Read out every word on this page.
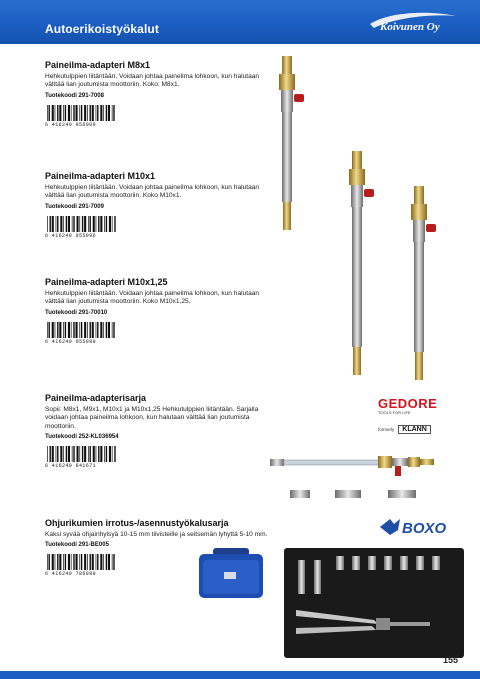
Autoerikoistyökalut	Koivunen Oy
Paineilma-adapteri M8x1

Hehkutulppien liitäntään. Voidaan johtaa paineilma lohkoon, kun halutaan välttää lian joutumista moottoriin. Koko: M8x1.

Tuotekoodi 291-7008
6 416240 956009
Paineilma-adapteri M10x1

Hehkutulppien liitäntään. Voidaan johtaa paineilma lohkoon, kun halutaan välttää lian joutumista moottoriin. Koko M10x1.

Tuotekoodi 291-7009
6 416240 955996
Paineilma-adapteri M10x1,25

Hehkutulppien liitäntään. Voidaan johtaa paineilma lohkoon, kun halutaan välttää lian joutumista moottoriin. Koko M10x1,25.

Tuotekoodi 291-70010
6 416240 955989
Paineilma-adapterisarja

Sopii: M8x1, M9x1, M10x1 ja M10x1,25 Hehkutulppien liitäntään. Sarjalla voidaan johtaa paineilma lohkoon, kun halutaan välttää lian joutumista moottoriin.

Tuotekoodi 252-KL036954
6 416240 841671
Ohjurikumien irrotus-/asennustyökalusarja

Kaksi syvää ohjainhylsyä 10-15 mm tiivisteille ja seitsemän lyhyttä 5-10 mm.

Tuotekoodi 291-BE005
6 416240 786989
GEDORE
TOOLS FOR LIFE
formerly	KLANN
BOXO
155
